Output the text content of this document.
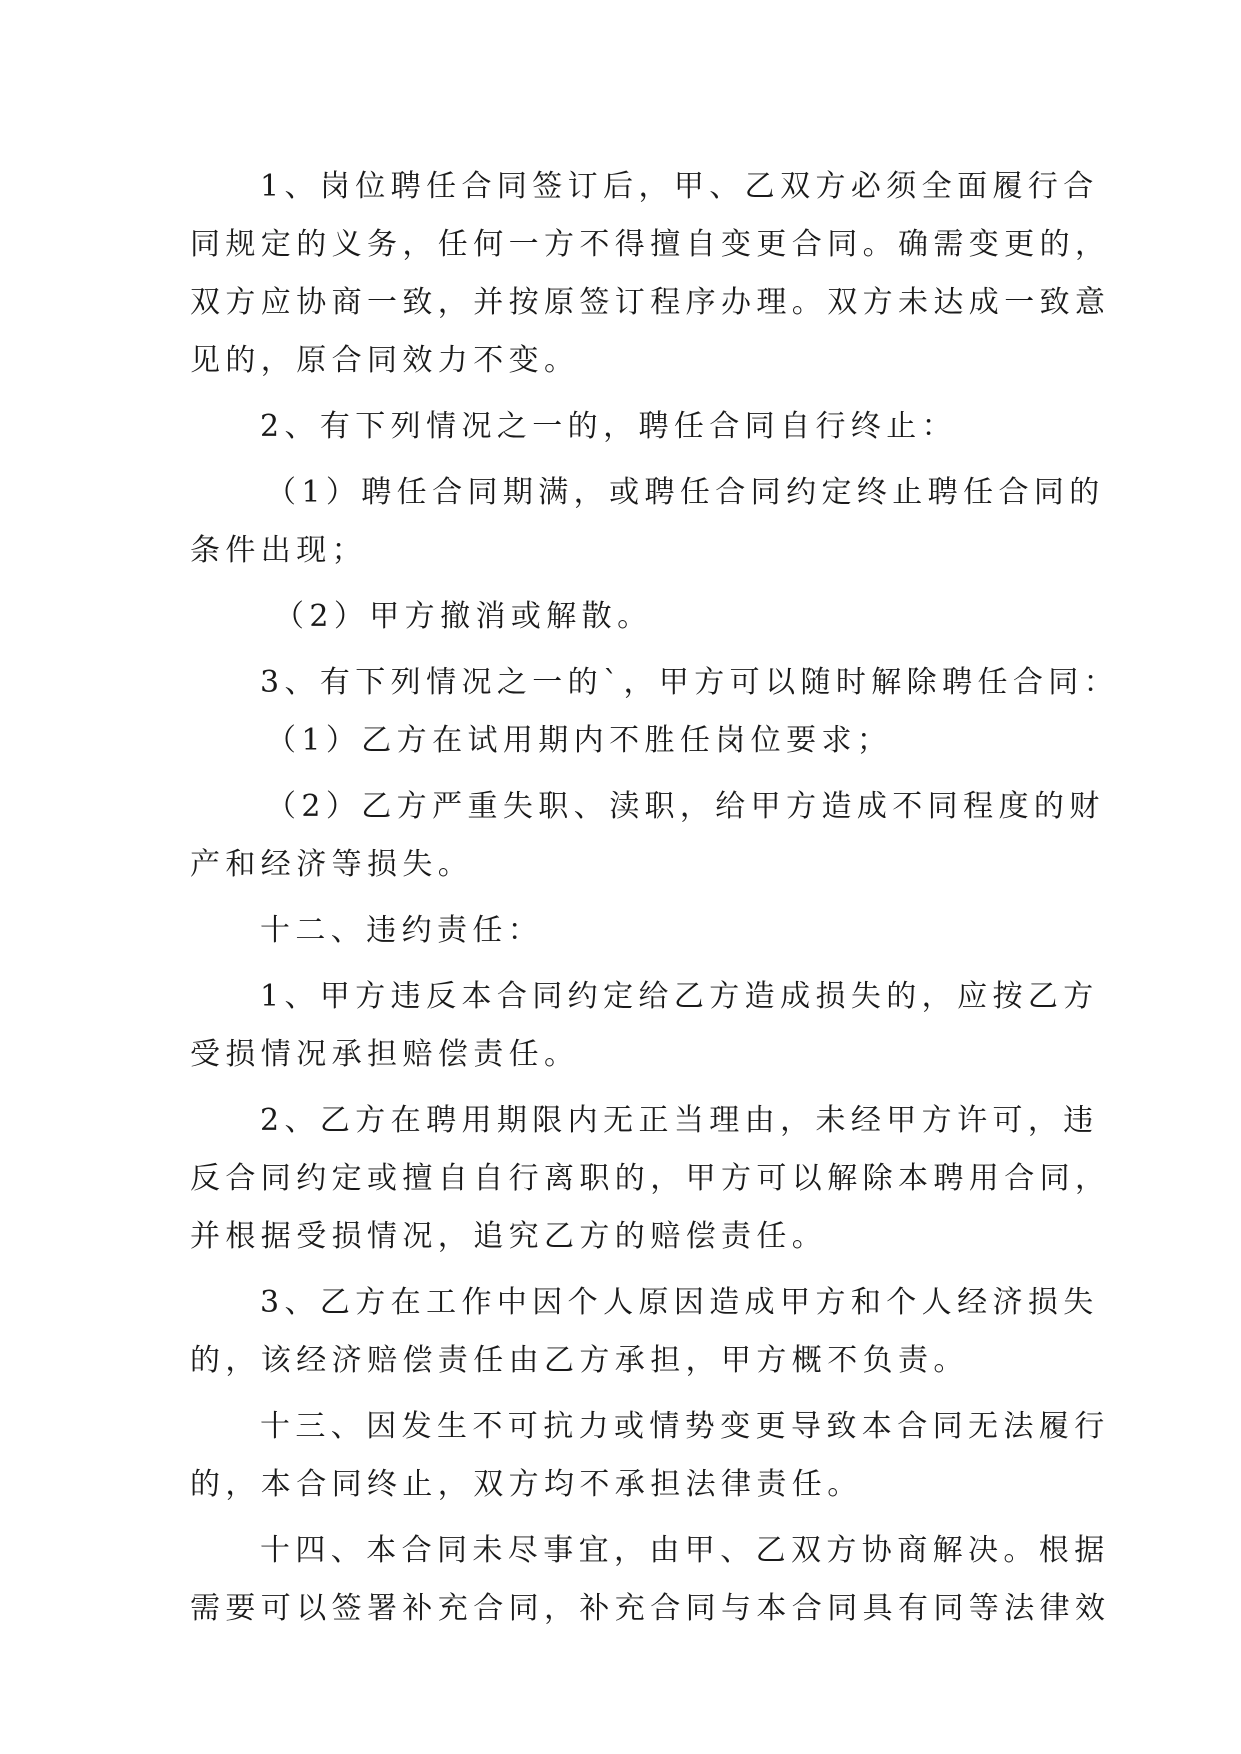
1、岗位聘任合同签订后，甲、乙双方必须全面履行合
同规定的义务，任何一方不得擅自变更合同。确需变更的，
双方应协商一致，并按原签订程序办理。双方未达成一致意
见的，原合同效力不变。
2、有下列情况之一的，聘任合同自行终止：
（1）聘任合同期满，或聘任合同约定终止聘任合同的
条件出现；
（2）甲方撤消或解散。
3、有下列情况之一的`，甲方可以随时解除聘任合同：
（1）乙方在试用期内不胜任岗位要求；
（2）乙方严重失职、渎职，给甲方造成不同程度的财
产和经济等损失。
十二、违约责任：
1、甲方违反本合同约定给乙方造成损失的，应按乙方
受损情况承担赔偿责任。
2、乙方在聘用期限内无正当理由，未经甲方许可，违
反合同约定或擅自自行离职的，甲方可以解除本聘用合同，
并根据受损情况，追究乙方的赔偿责任。
3、乙方在工作中因个人原因造成甲方和个人经济损失
的，该经济赔偿责任由乙方承担，甲方概不负责。
十三、因发生不可抗力或情势变更导致本合同无法履行
的，本合同终止，双方均不承担法律责任。
十四、本合同未尽事宜，由甲、乙双方协商解决。根据
需要可以签署补充合同，补充合同与本合同具有同等法律效
